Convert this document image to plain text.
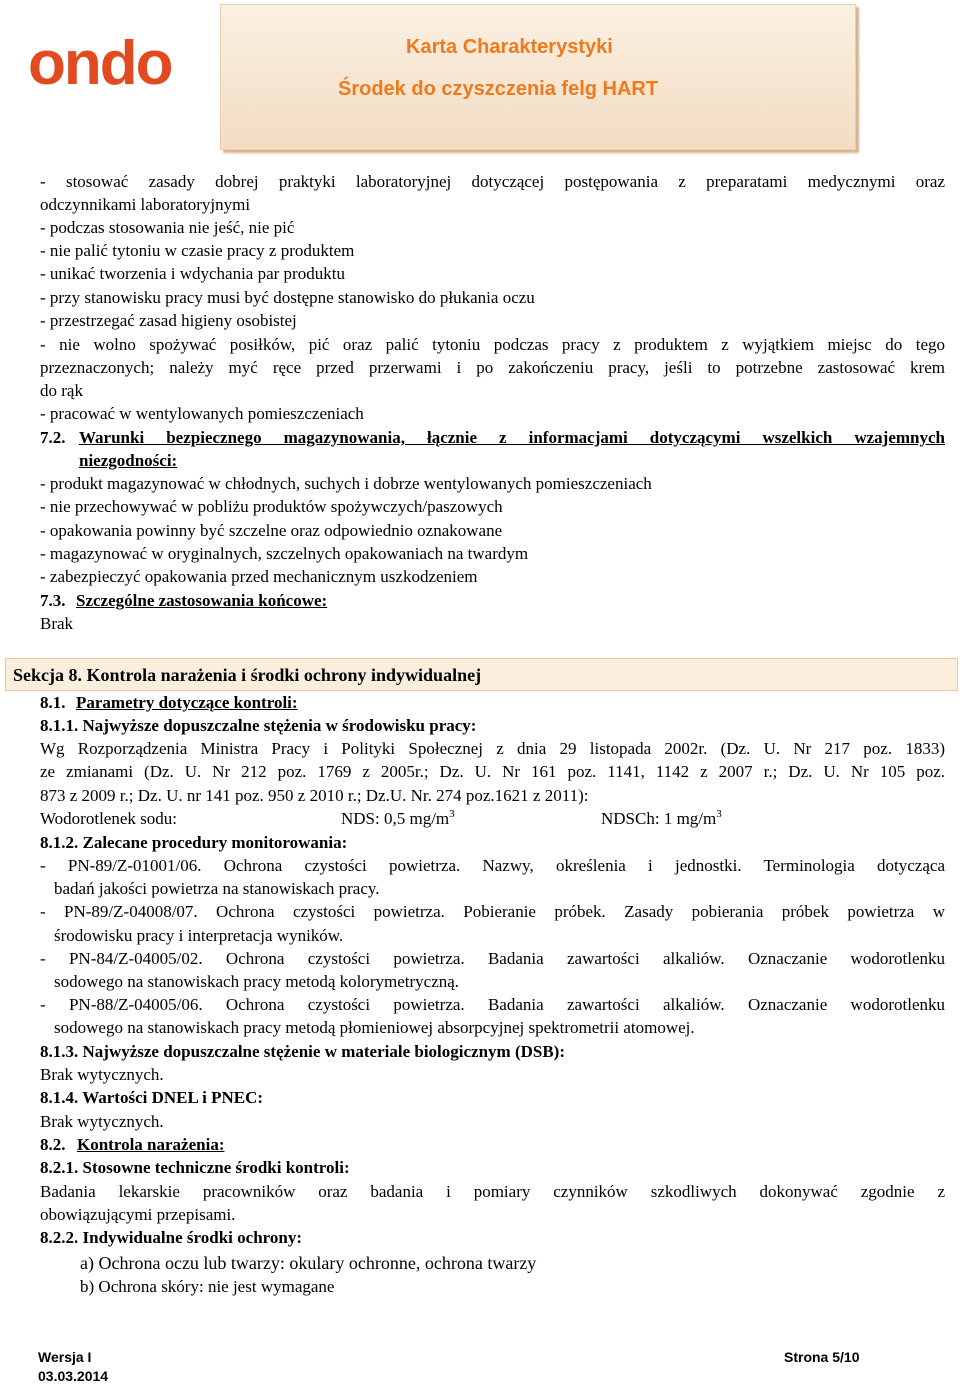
ondo	Karta Charakterystyki
Środek do czyszczenia felg HART
- stosować zasady dobrej praktyki laboratoryjnej dotyczącej postępowania z preparatami medycznymi oraz
odczynnikami laboratoryjnymi
- podczas stosowania nie jeść, nie pić
- nie palić tytoniu w czasie pracy z produktem
- unikać tworzenia i wdychania par produktu
- przy stanowisku pracy musi być dostępne stanowisko do płukania oczu
- przestrzegać zasad higieny osobistej
- nie wolno spożywać posiłków, pić oraz palić tytoniu podczas pracy z produktem z wyjątkiem miejsc do tego
przeznaczonych; należy myć ręce przed przerwami i po zakończeniu pracy, jeśli to potrzebne zastosować krem
do rąk
- pracować w wentylowanych pomieszczeniach
7.2. Warunki bezpiecznego magazynowania, łącznie z informacjami dotyczącymi wszelkich wzajemnych
niezgodności:
- produkt magazynować w chłodnych, suchych i dobrze wentylowanych pomieszczeniach
- nie przechowywać w pobliżu produktów spożywczych/paszowych
- opakowania powinny być szczelne oraz odpowiednio oznakowane
- magazynować w oryginalnych, szczelnych opakowaniach na twardym
- zabezpieczyć opakowania przed mechanicznym uszkodzeniem
7.3. Szczególne zastosowania końcowe:
Brak
Sekcja 8. Kontrola narażenia i środki ochrony indywidualnej
8.1. Parametry dotyczące kontroli:
8.1.1. Najwyższe dopuszczalne stężenia w środowisku pracy:
Wg Rozporządzenia Ministra Pracy i Polityki Społecznej z dnia 29 listopada 2002r. (Dz. U. Nr 217 poz. 1833)
ze zmianami (Dz. U. Nr 212 poz. 1769 z 2005r.; Dz. U. Nr 161 poz. 1141, 1142 z 2007 r.; Dz. U. Nr 105 poz.
873 z 2009 r.; Dz. U. nr 141 poz. 950 z 2010 r.; Dz.U. Nr. 274 poz.1621 z 2011):
Wodorotlenek sodu:	NDS: 0,5 $mg/m^3$	NDSCh: 1 $mg/m^3$
8.1.2. Zalecane procedury monitorowania:
- PN-89/Z-01001/06. Ochrona czystości powietrza. Nazwy, określenia i jednostki. Terminologia dotycząca
badań jakości powietrza na stanowiskach pracy.
- PN-89/Z-04008/07. Ochrona czystości powietrza. Pobieranie próbek. Zasady pobierania próbek powietrza w
środowisku pracy i interpretacja wyników.
- PN-84/Z-04005/02. Ochrona czystości powietrza. Badania zawartości alkaliów. Oznaczanie wodorotlenku
sodowego na stanowiskach pracy metodą kolorymetryczną.
- PN-88/Z-04005/06. Ochrona czystości powietrza. Badania zawartości alkaliów. Oznaczanie wodorotlenku
sodowego na stanowiskach pracy metodą płomieniowej absorpcyjnej spektrometrii atomowej.
8.1.3. Najwyższe dopuszczalne stężenie w materiale biologicznym (DSB):
Brak wytycznych.
8.1.4. Wartości DNEL i PNEC:
Brak wytycznych.
8.2. Kontrola narażenia:
8.2.1. Stosowne techniczne środki kontroli:
Badania lekarskie pracowników oraz badania i pomiary czynników szkodliwych dokonywać zgodnie z
obowiązującymi przepisami.
8.2.2. Indywidualne środki ochrony:
a) Ochrona oczu lub twarzy: okulary ochronne, ochrona twarzy
b) Ochrona skóry: nie jest wymagane
Wersja I
03.03.2014
Strona 5/10
